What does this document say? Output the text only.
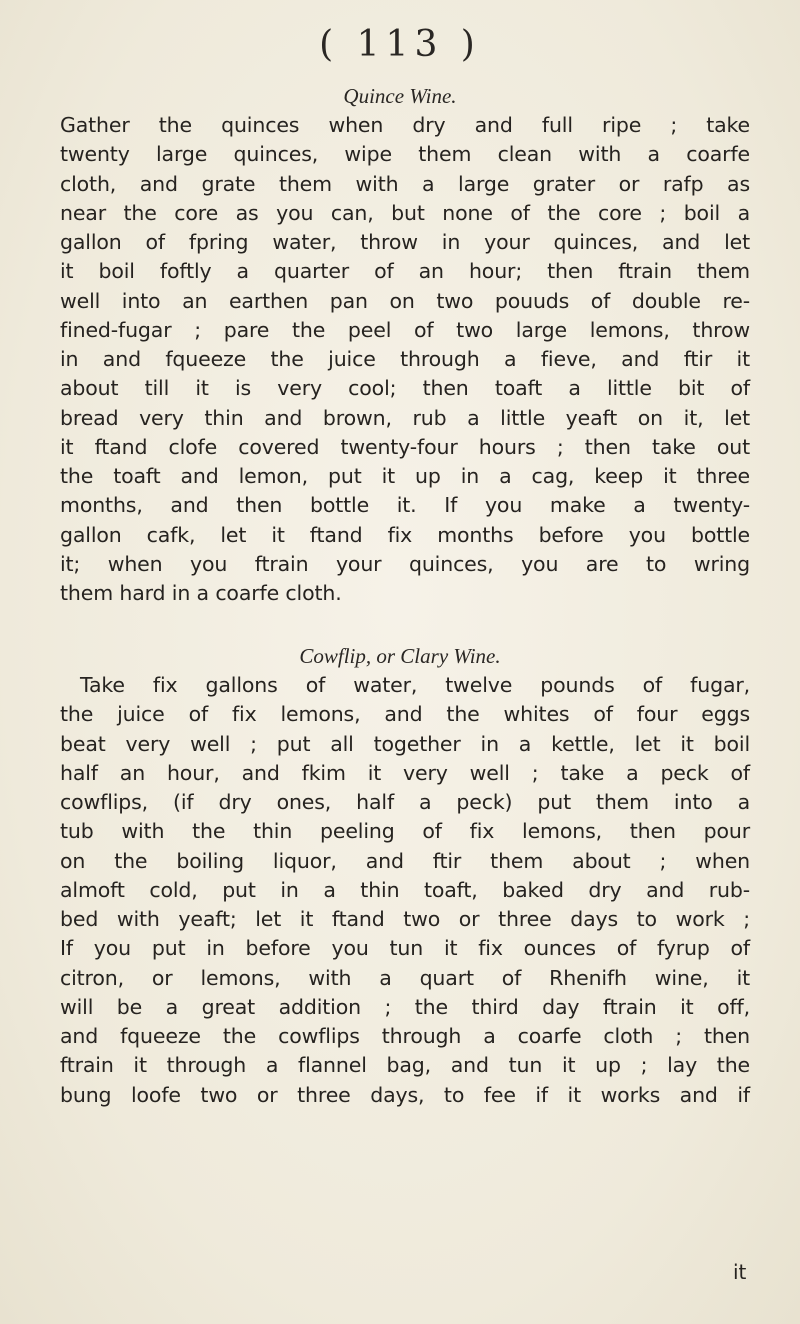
( 113 )
Quince Wine.
Gather the quinces when dry and full ripe ; take
twenty large quinces, wipe them clean with a coarfe
cloth, and grate them with a large grater or rafp as
near the core as you can, but none of the core ; boil a
gallon of fpring water, throw in your quinces, and let
it boil foftly a quarter of an hour; then ftrain them
well into an earthen pan on two pouuds of double re-
fined-fugar ; pare the peel of two large lemons, throw
in and fqueeze the juice through a fieve, and ftir it
about till it is very cool; then toaft a little bit of
bread very thin and brown, rub a little yeaft on it, let
it ftand clofe covered twenty-four hours ; then take out
the toaft and lemon, put it up in a cag, keep it three
months, and then bottle it. If you make a twenty-
gallon cafk, let it ftand fix months before you bottle
it; when you ftrain your quinces, you are to wring
them hard in a coarfe cloth.
Cowflip, or Clary Wine.
Take fix gallons of water, twelve pounds of fugar,
the juice of fix lemons, and the whites of four eggs
beat very well ; put all together in a kettle, let it boil
half an hour, and fkim it very well ; take a peck of
cowflips, (if dry ones, half a peck) put them into a
tub with the thin peeling of fix lemons, then pour
on the boiling liquor, and ftir them about ; when
almoft cold, put in a thin toaft, baked dry and rub-
bed with yeaft; let it ftand two or three days to work ;
If you put in before you tun it fix ounces of fyrup of
citron, or lemons, with a quart of Rhenifh wine, it
will be a great addition ; the third day ftrain it off,
and fqueeze the cowflips through a coarfe cloth ; then
ftrain it through a flannel bag, and tun it up ; lay the
bung loofe two or three days, to fee if it works and if
it
